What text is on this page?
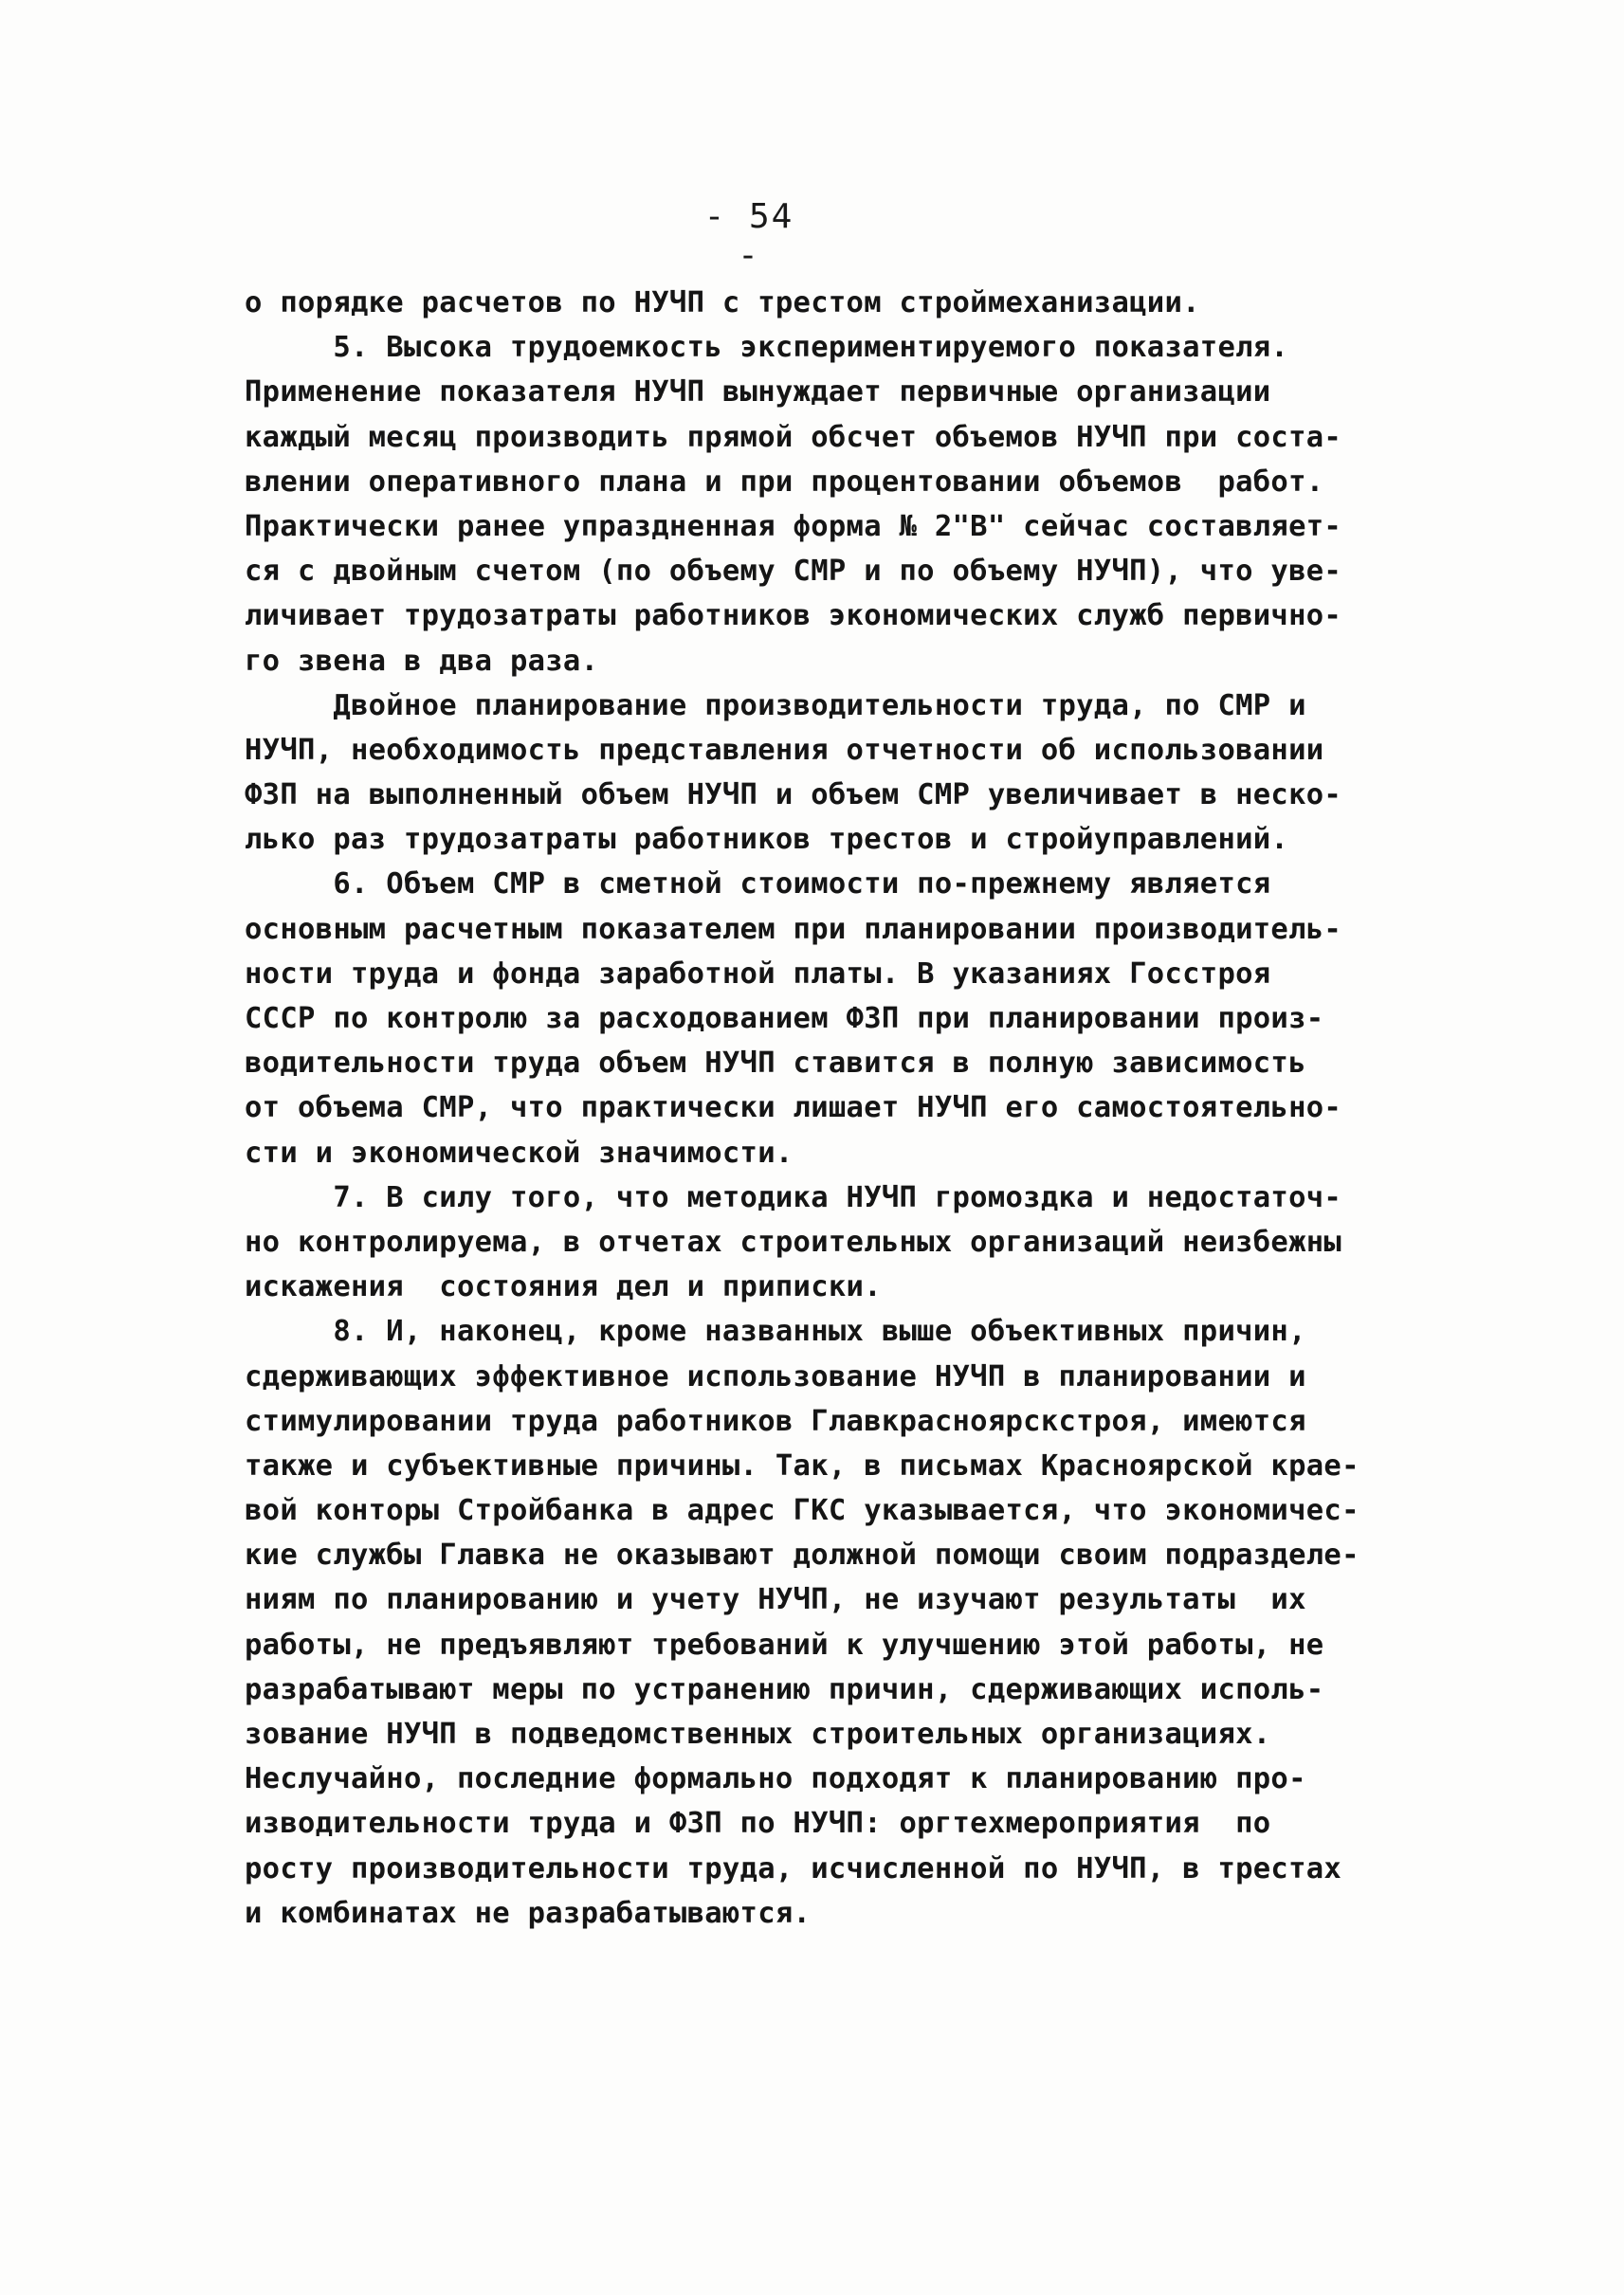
- 54 -
о порядке расчетов по НУЧП с трестом строймеханизации.
5. Высока трудоемкость экспериментируемого показателя.
Применение показателя НУЧП вынуждает первичные организации
каждый месяц производить прямой обсчет объемов НУЧП при состa-
влении оперативного плана и при процентовании объемов  работ.
Практически ранее упраздненная форма № 2"В" сейчас составляет-
ся с двойным счетом (по объему СМР и по объему НУЧП), что уве-
личивает трудозатраты работников экономических служб первично-
го звена в два раза.
Двойное планирование производительности труда, по СМР и
НУЧП, необходимость представления отчетности об использовании
ФЗП на выполненный объем НУЧП и объем СМР увеличивает в неско-
лько раз трудозатраты работников трестов и стройуправлений.
6. Объем СМР в сметной стоимости по-прежнему является
основным расчетным показателем при планировании производитель-
ности труда и фонда заработной платы. В указаниях Госстроя
СССР по контролю за расходованием ФЗП при планировании произ-
водительности труда объем НУЧП ставится в полную зависимость
от объема СМР, что практически лишает НУЧП его самостоятельно-
сти и экономической значимости.
7. В силу того, что методика НУЧП громоздка и недостаточ-
но контролируема, в отчетах строительных организаций неизбежны
искажения  состояния дел и приписки.
8. И, наконец, кроме названных выше объективных причин,
сдерживающих эффективное использование НУЧП в планировании и
стимулировании труда работников Главкрасноярскстроя, имеются
также и субъективные причины. Так, в письмах Красноярской крае-
вой конторы Стройбанка в адрес ГКС указывается, что экономичес-
кие службы Главка не оказывают должной помощи своим подразделе-
ниям по планированию и учету НУЧП, не изучают результаты  их
работы, не предъявляют требований к улучшению этой работы, не
разрабатывают меры по устранению причин, сдерживающих исполь-
зование НУЧП в подведомственных строительных организациях.
Неслучайно, последние формально подходят к планированию про-
изводительности труда и ФЗП по НУЧП: оргтехмероприятия  по
росту производительности труда, исчисленной по НУЧП, в трестах
и комбинатах не разрабатываются.
